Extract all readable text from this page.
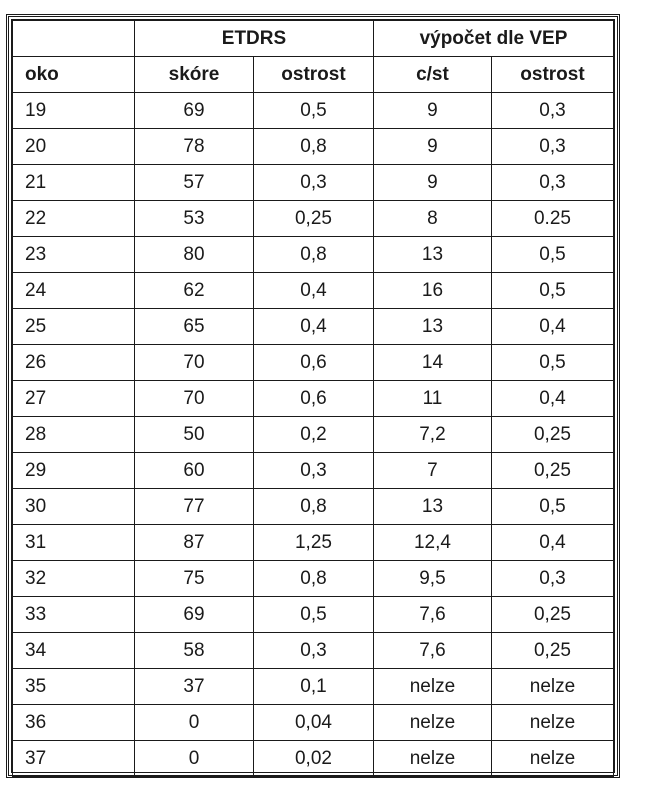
	ETDRS		výpočet dle VEP	
oko	skóre	ostrost	c/st	ostrost
19	69	0,5	9	0,3
20	78	0,8	9	0,3
21	57	0,3	9	0,3
22	53	0,25	8	0.25
23	80	0,8	13	0,5
24	62	0,4	16	0,5
25	65	0,4	13	0,4
26	70	0,6	14	0,5
27	70	0,6	11	0,4
28	50	0,2	7,2	0,25
29	60	0,3	7	0,25
30	77	0,8	13	0,5
31	87	1,25	12,4	0,4
32	75	0,8	9,5	0,3
33	69	0,5	7,6	0,25
34	58	0,3	7,6	0,25
35	37	0,1	nelze	nelze
36	0	0,04	nelze	nelze
37	0	0,02	nelze	nelze
